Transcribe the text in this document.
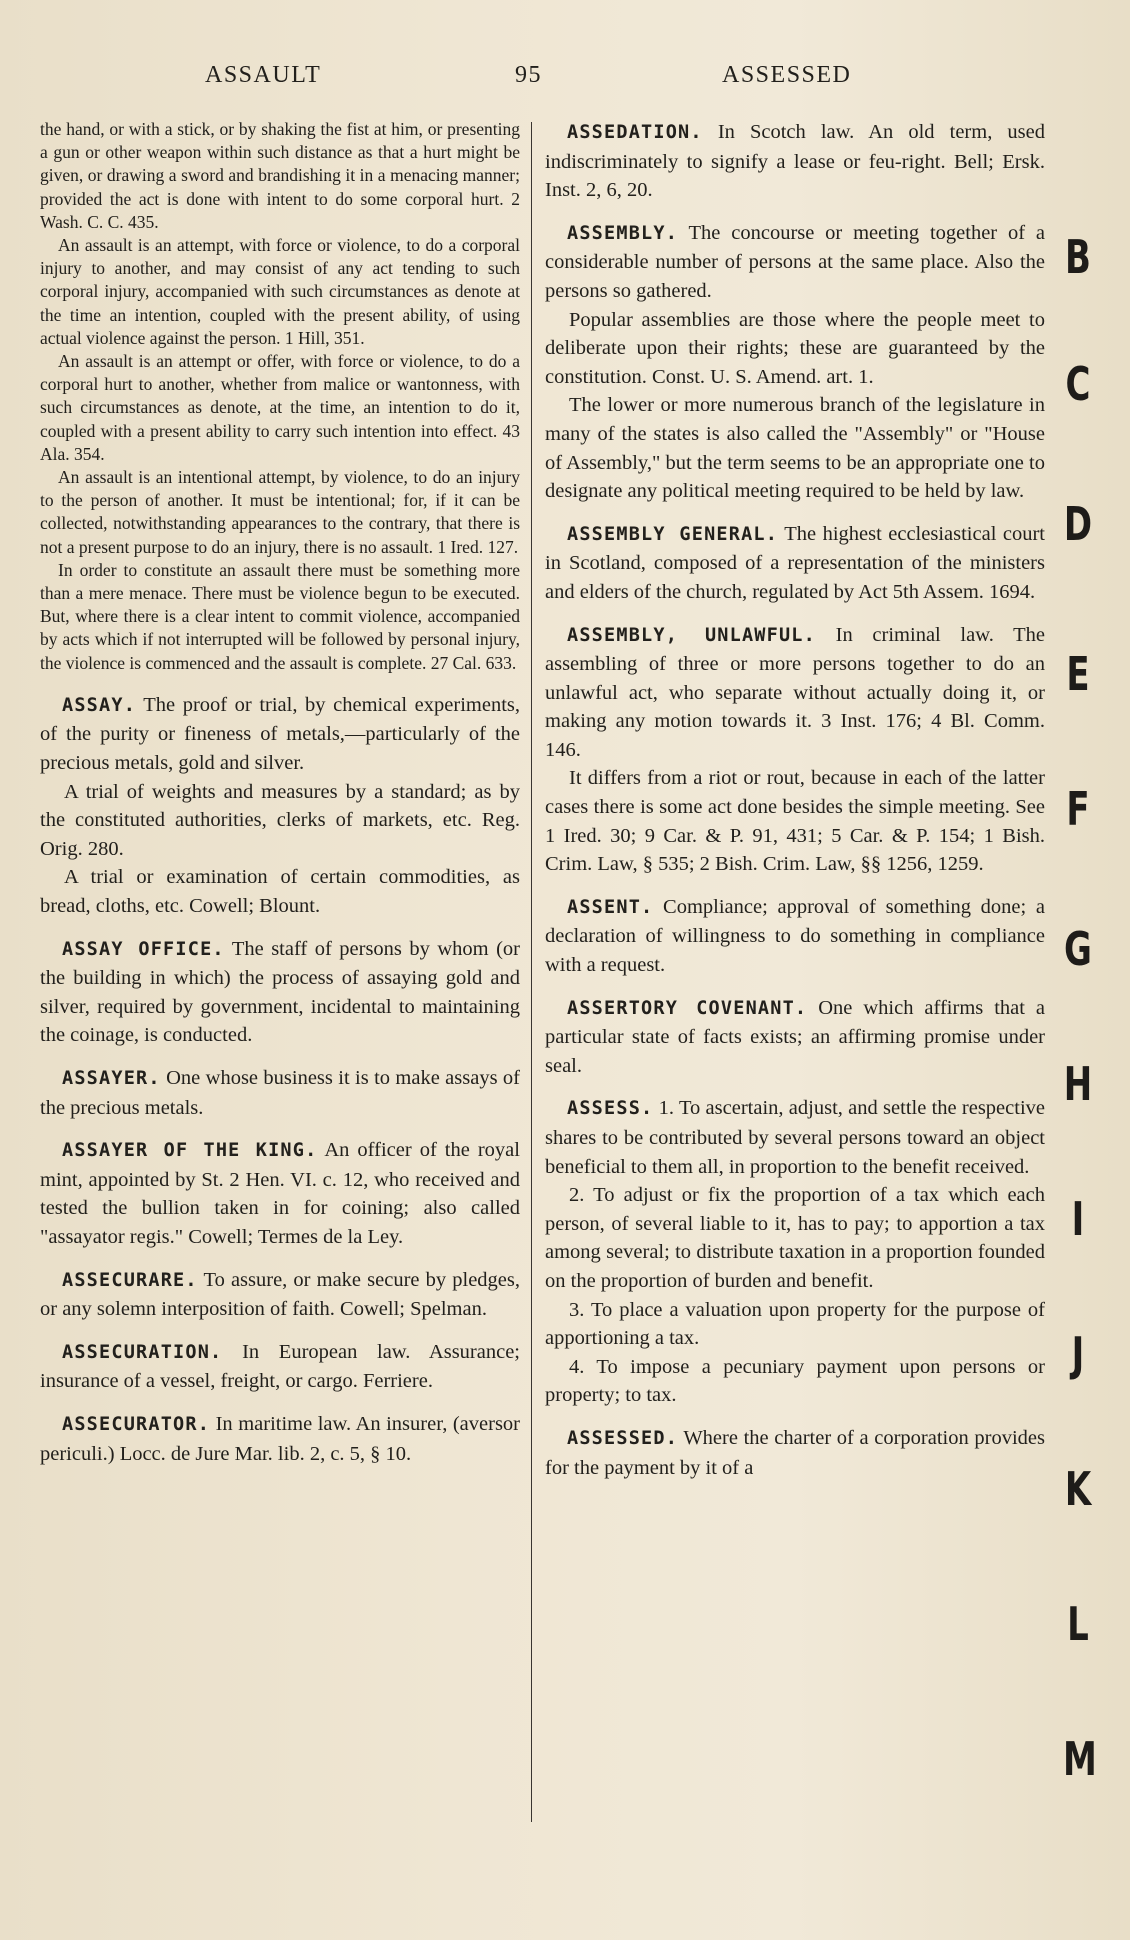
ASSAULT	95	ASSESSED

the hand, or with a stick, or by shaking the fist at him, or presenting a gun or other weapon within such distance as that a hurt might be given, or drawing a sword and brandishing it in a menacing manner; provided the act is done with intent to do some corporal hurt. 2 Wash. C. C. 435.

An assault is an attempt, with force or violence, to do a corporal injury to another, and may consist of any act tending to such corporal injury, accompanied with such circumstances as denote at the time an intention, coupled with the present ability, of using actual violence against the person. 1 Hill, 351.

An assault is an attempt or offer, with force or violence, to do a corporal hurt to another, whether from malice or wantonness, with such circumstances as denote, at the time, an intention to do it, coupled with a present ability to carry such intention into effect. 43 Ala. 354.

An assault is an intentional attempt, by violence, to do an injury to the person of another. It must be intentional; for, if it can be collected, notwithstanding appearances to the contrary, that there is not a present purpose to do an injury, there is no assault. 1 Ired. 127.

In order to constitute an assault there must be something more than a mere menace. There must be violence begun to be executed. But, where there is a clear intent to commit violence, accompanied by acts which if not interrupted will be followed by personal injury, the violence is commenced and the assault is complete. 27 Cal. 633.

ASSAY. The proof or trial, by chemical experiments, of the purity or fineness of metals,—particularly of the precious metals, gold and silver.

A trial of weights and measures by a standard; as by the constituted authorities, clerks of markets, etc. Reg. Orig. 280.

A trial or examination of certain commodities, as bread, cloths, etc. Cowell; Blount.

ASSAY OFFICE. The staff of persons by whom (or the building in which) the process of assaying gold and silver, required by government, incidental to maintaining the coinage, is conducted.

ASSAYER. One whose business it is to make assays of the precious metals.

ASSAYER OF THE KING. An officer of the royal mint, appointed by St. 2 Hen. VI. c. 12, who received and tested the bullion taken in for coining; also called "assayator regis." Cowell; Termes de la Ley.

ASSECURARE. To assure, or make secure by pledges, or any solemn interposition of faith. Cowell; Spelman.

ASSECURATION. In European law. Assurance; insurance of a vessel, freight, or cargo. Ferriere.

ASSECURATOR. In maritime law. An insurer, (aversor periculi.) Locc. de Jure Mar. lib. 2, c. 5, § 10.

ASSEDATION. In Scotch law. An old term, used indiscriminately to signify a lease or feu-right. Bell; Ersk. Inst. 2, 6, 20.

ASSEMBLY. The concourse or meeting together of a considerable number of persons at the same place. Also the persons so gathered.

Popular assemblies are those where the people meet to deliberate upon their rights; these are guaranteed by the constitution. Const. U. S. Amend. art. 1.

The lower or more numerous branch of the legislature in many of the states is also called the "Assembly" or "House of Assembly," but the term seems to be an appropriate one to designate any political meeting required to be held by law.

ASSEMBLY GENERAL. The highest ecclesiastical court in Scotland, composed of a representation of the ministers and elders of the church, regulated by Act 5th Assem. 1694.

ASSEMBLY, UNLAWFUL. In criminal law. The assembling of three or more persons together to do an unlawful act, who separate without actually doing it, or making any motion towards it. 3 Inst. 176; 4 Bl. Comm. 146.

It differs from a riot or rout, because in each of the latter cases there is some act done besides the simple meeting. See 1 Ired. 30; 9 Car. & P. 91, 431; 5 Car. & P. 154; 1 Bish. Crim. Law, § 535; 2 Bish. Crim. Law, §§ 1256, 1259.

ASSENT. Compliance; approval of something done; a declaration of willingness to do something in compliance with a request.

ASSERTORY COVENANT. One which affirms that a particular state of facts exists; an affirming promise under seal.

ASSESS. 1. To ascertain, adjust, and settle the respective shares to be contributed by several persons toward an object beneficial to them all, in proportion to the benefit received.

2. To adjust or fix the proportion of a tax which each person, of several liable to it, has to pay; to apportion a tax among several; to distribute taxation in a proportion founded on the proportion of burden and benefit.

3. To place a valuation upon property for the purpose of apportioning a tax.

4. To impose a pecuniary payment upon persons or property; to tax.

ASSESSED. Where the charter of a corporation provides for the payment by it of a

B
C
D
E
F
G
H
I
J
K
L
M
